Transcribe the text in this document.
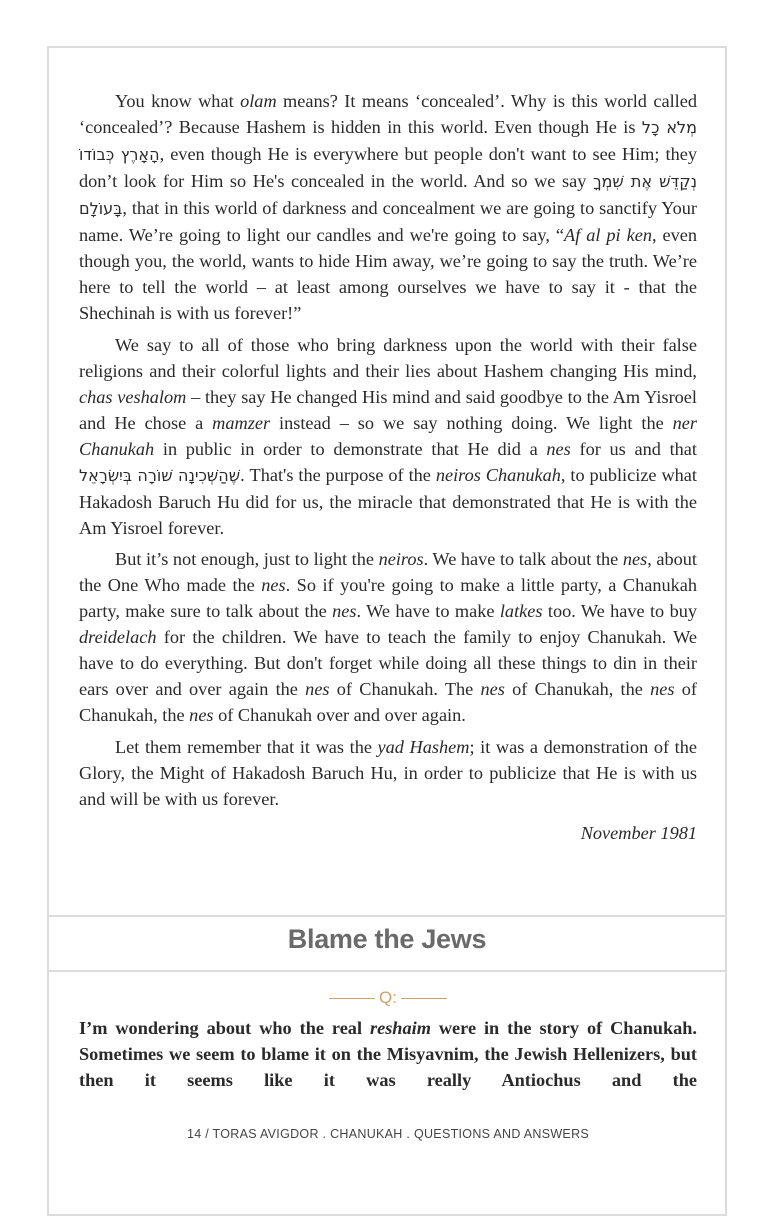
You know what olam means? It means ‘concealed’. Why is this world called ‘concealed’? Because Hashem is hidden in this world. Even though He is מְלֹא כָל הָאָרֶץ כְּבוֹדוֹ, even though He is everywhere but people don't want to see Him; they don’t look for Him so He's concealed in the world. And so we say נְקַדֵּשׁ אֶת שִׁמְךָ בָּעוֹלָם, that in this world of darkness and concealment we are going to sanctify Your name. We’re going to light our candles and we're going to say, “Af al pi ken, even though you, the world, wants to hide Him away, we’re going to say the truth. We’re here to tell the world – at least among ourselves we have to say it - that the Shechinah is with us forever!”

We say to all of those who bring darkness upon the world with their false religions and their colorful lights and their lies about Hashem changing His mind, chas veshalom – they say He changed His mind and said goodbye to the Am Yisroel and He chose a mamzer instead – so we say nothing doing. We light the ner Chanukah in public in order to demonstrate that He did a nes for us and that שֶׁהַשְּׁכִינָה שׁוֹרָה בְּיִשְׂרָאֵל. That's the purpose of the neiros Chanukah, to publicize what Hakadosh Baruch Hu did for us, the miracle that demonstrated that He is with the Am Yisroel forever.

But it’s not enough, just to light the neiros. We have to talk about the nes, about the One Who made the nes. So if you're going to make a little party, a Chanukah party, make sure to talk about the nes. We have to make latkes too. We have to buy dreidelach for the children. We have to teach the family to enjoy Chanukah. We have to do everything. But don't forget while doing all these things to din in their ears over and over again the nes of Chanukah. The nes of Chanukah, the nes of Chanukah, the nes of Chanukah over and over again.

Let them remember that it was the yad Hashem; it was a demonstration of the Glory, the Might of Hakadosh Baruch Hu, in order to publicize that He is with us and will be with us forever.

November 1981
Blame the Jews
Q:
I’m wondering about who the real reshaim were in the story of Chanukah. Sometimes we seem to blame it on the Misyavnim, the Jewish Hellenizers, but then it seems like it was really Antiochus and the
14 / TORAS AVIGDOR . CHANUKAH . QUESTIONS AND ANSWERS
